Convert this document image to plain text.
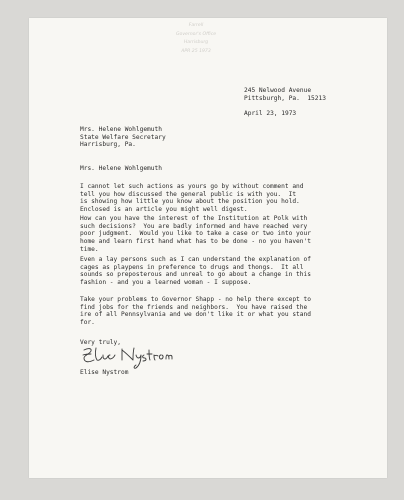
Farrell
Governor's Office
Harrisburg
APR 25 1973
245 Nelwood Avenue
Pittsburgh, Pa.  15213
April 23, 1973
Mrs. Helene Wohlgemuth
State Welfare Secretary
Harrisburg, Pa.
Mrs. Helene Wohlgemuth
I cannot let such actions as yours go by without comment and
tell you how discussed the general public is with you.  It
is showing how little you know about the position you hold.
Enclosed is an article you might well digest.
How can you have the interest of the Institution at Polk with
such decisions?  You are badly informed and have reached very
poor judgment.  Would you like to take a case or two into your
home and learn first hand what has to be done - no you haven't
time.
Even a lay persons such as I can understand the explanation of
cages as playpens in preference to drugs and thongs.  It all
sounds so preposterous and unreal to go about a change in this
fashion - and you a learned woman - I suppose.
Take your problems to Governor Shapp - no help there except to
find jobs for the friends and neighbors.  You have raised the
ire of all Pennsylvania and we don't like it or what you stand
for.
Very truly,
Elise Nystrom
